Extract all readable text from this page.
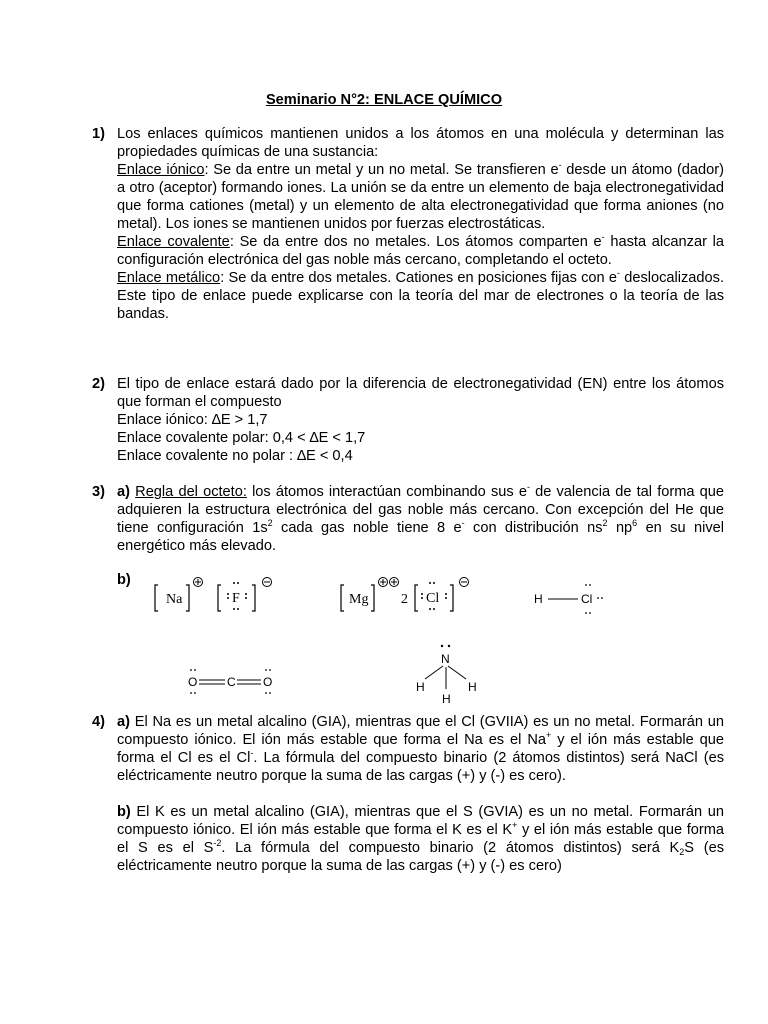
Seminario N°2: ENLACE QUÍMICO
1) Los enlaces químicos mantienen unidos a los átomos en una molécula y determinan las propiedades químicas de una sustancia:
Enlace iónico: Se da entre un metal y un no metal. Se transfieren e- desde un átomo (dador) a otro (aceptor) formando iones. La unión se da entre un elemento de baja electronegatividad que forma cationes (metal) y un elemento de alta electronegatividad que forma aniones (no metal). Los iones se mantienen unidos por fuerzas electrostáticas.
Enlace covalente: Se da entre dos no metales. Los átomos comparten e- hasta alcanzar la configuración electrónica del gas noble más cercano, completando el octeto.
Enlace metálico: Se da entre dos metales. Cationes en posiciones fijas con e- deslocalizados. Este tipo de enlace puede explicarse con la teoría del mar de electrones o la teoría de las bandas.
2) El tipo de enlace estará dado por la diferencia de electronegatividad (EN) entre los átomos que forman el compuesto
Enlace iónico: ∆E > 1,7
Enlace covalente polar: 0,4 < ∆E < 1,7
Enlace covalente no polar : ∆E < 0,4
3) a) Regla del octeto: los átomos interactúan combinando sus e- de valencia de tal forma que adquieren la estructura electrónica del gas noble más cercano. Con excepción del He que tiene configuración $1s^2$ cada gas noble tiene 8 e- con distribución $ns^2$ $np^6$ en su nivel energético más elevado.
b)
Na	F	Mg 2 Cl	H	Cl
O C O
N
H	H
H
4) a) El Na es un metal alcalino (GIA), mientras que el Cl (GVIIA) es un no metal. Formarán un compuesto iónico. El ión más estable que forma el Na es el Na+ y el ión más estable que forma el Cl es el Cl-. La fórmula del compuesto binario (2 átomos distintos) será NaCl (es eléctricamente neutro porque la suma de las cargas (+) y (-) es cero).
b) El K es un metal alcalino (GIA), mientras que el S (GVIA) es un no metal. Formarán un compuesto iónico. El ión más estable que forma el K es el K+ y el ión más estable que forma el S es el $S^{-2}$. La fórmula del compuesto binario (2 átomos distintos) será $K_2S$ (es eléctricamente neutro porque la suma de las cargas (+) y (-) es cero)
